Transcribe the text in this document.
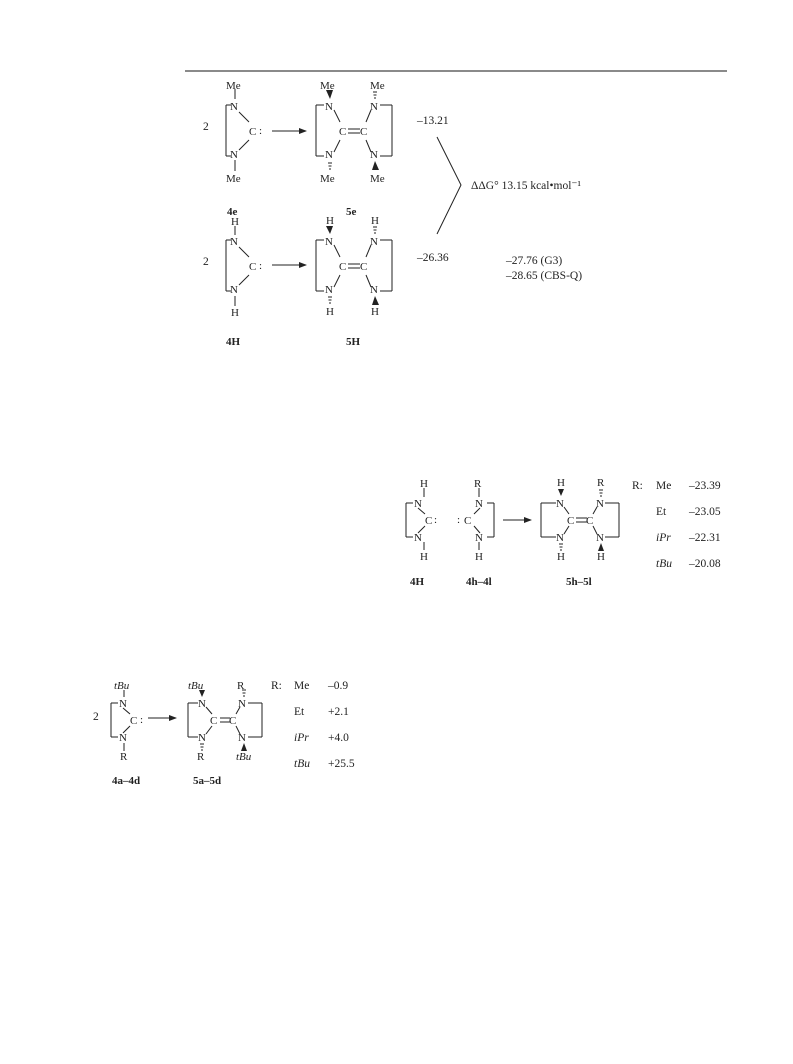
2
Me
N
C :
N
Me
4e
Me	Me
N	N
C C
N	N
Me	Me
5e
–13.21
ΔΔG° 13.15 kcal•mol⁻¹
2
H
N
C :
N
H
4H
H	H
N	N
C C
N	N
H	H
5H
–26.36	–27.76 (G3)
–28.65 (CBS-Q)
H
N
C :
N
H
4H
R
N
: C
N
H
4h–4l
H	R
N	N
C C
N	N
H	H
5h–5l
R: Me –23.39
Et –23.05
iPr –22.31
tBu –20.08
2
tBu
N
C :
N
R
4a–4d
tBu	R
N	N
C C
N	N
R	tBu
5a–5d
R: Me –0.9
Et +2.1
iPr +4.0
tBu +25.5
